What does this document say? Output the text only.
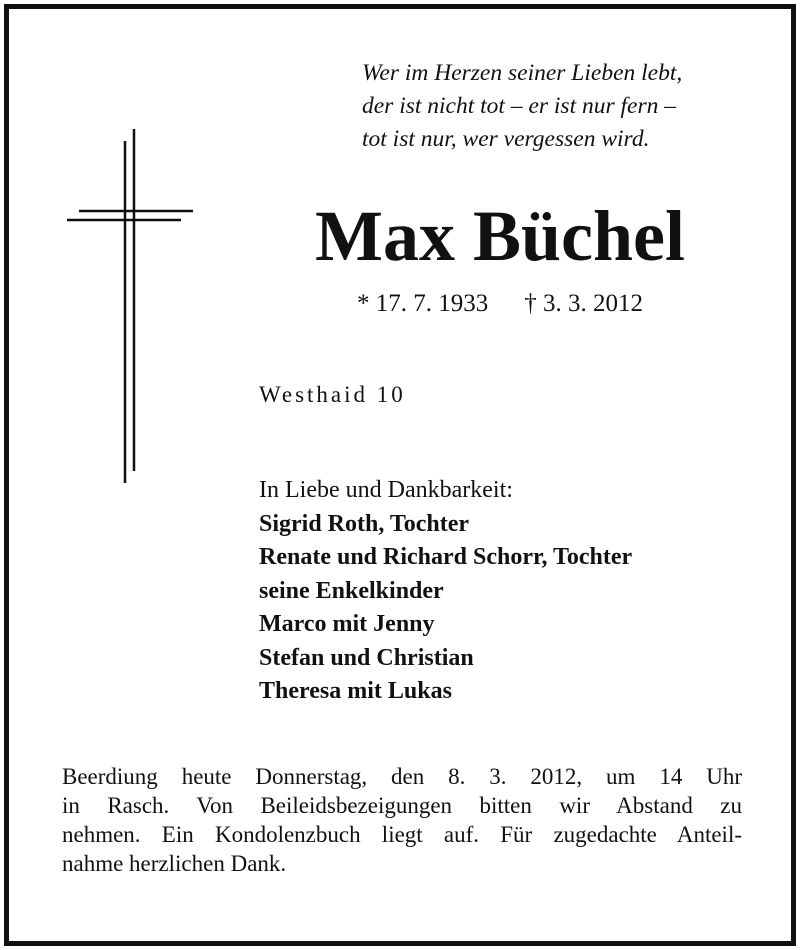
Wer im Herzen seiner Lieben lebt,
der ist nicht tot – er ist nur fern –
tot ist nur, wer vergessen wird.
Max Büchel
* 17. 7. 1933 † 3. 3. 2012
Westhaid 10
In Liebe und Dankbarkeit:
Sigrid Roth, Tochter
Renate und Richard Schorr, Tochter
seine Enkelkinder
Marco mit Jenny
Stefan und Christian
Theresa mit Lukas
Beerdiung heute Donnerstag, den 8. 3. 2012, um 14 Uhr
in Rasch. Von Beileidsbezeigungen bitten wir Abstand zu
nehmen. Ein Kondolenzbuch liegt auf. Für zugedachte Anteil-
nahme herzlichen Dank.
